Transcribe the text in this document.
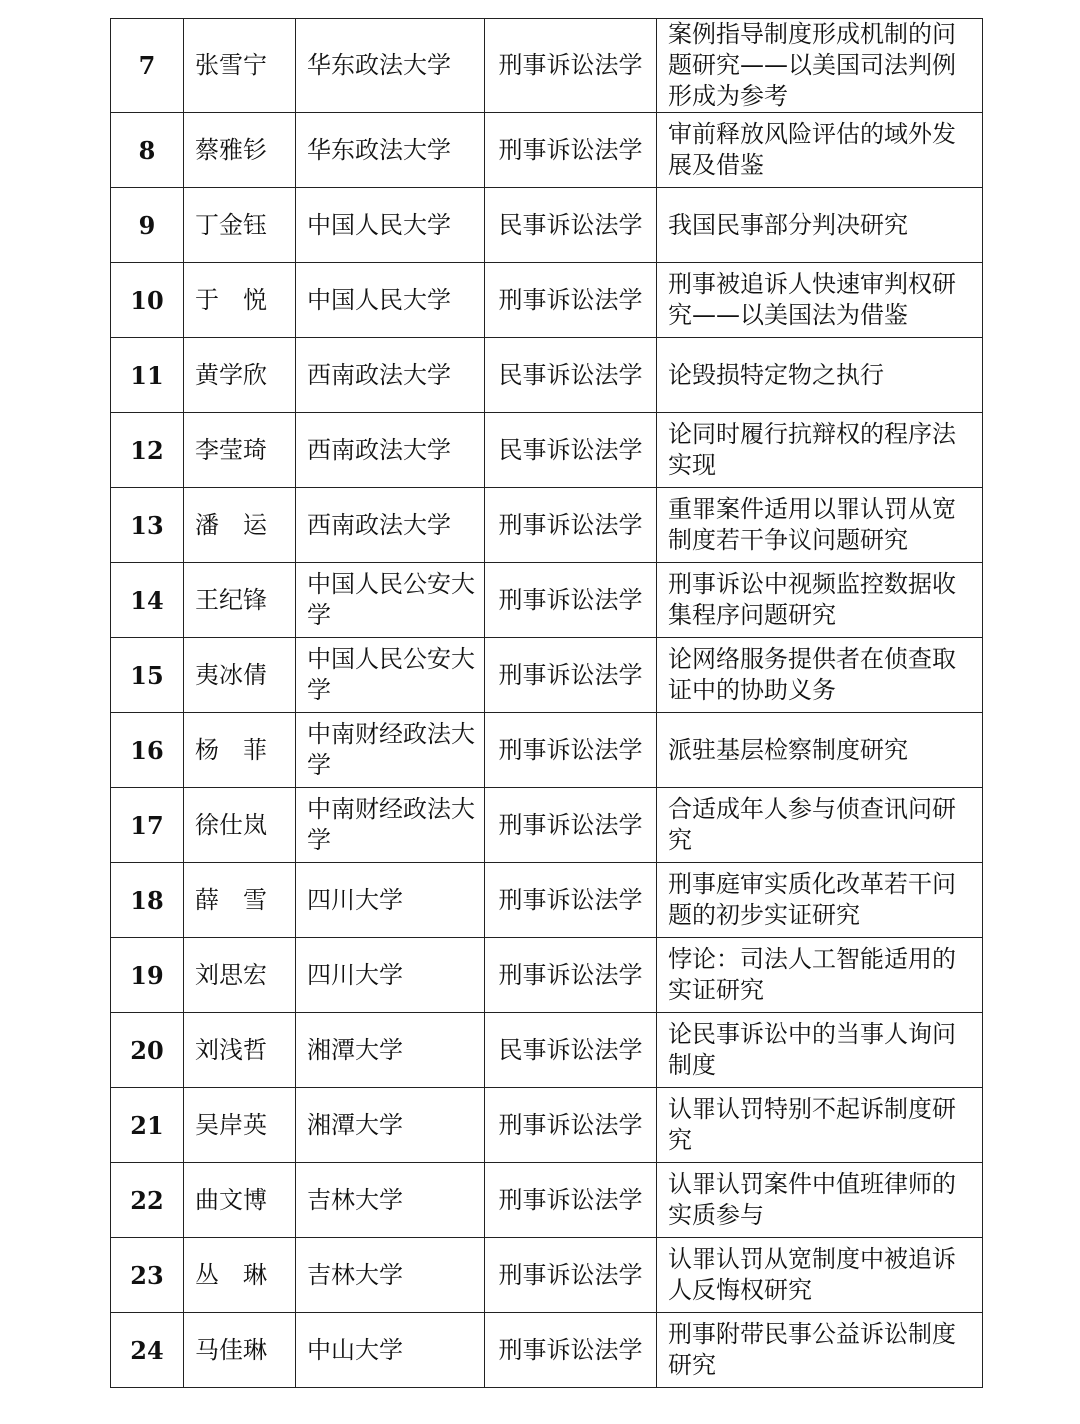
7	张雪宁	华东政法大学	刑事诉讼法学	案例指导制度形成机制的问题研究——以美国司法判例形成为参考
8	蔡雅钐	华东政法大学	刑事诉讼法学	审前释放风险评估的域外发展及借鉴
9	丁金钰	中国人民大学	民事诉讼法学	我国民事部分判决研究
10	于　悦	中国人民大学	刑事诉讼法学	刑事被追诉人快速审判权研究——以美国法为借鉴
11	黄学欣	西南政法大学	民事诉讼法学	论毁损特定物之执行
12	李莹琦	西南政法大学	民事诉讼法学	论同时履行抗辩权的程序法实现
13	潘　运	西南政法大学	刑事诉讼法学	重罪案件适用以罪认罚从宽制度若干争议问题研究
14	王纪锋	中国人民公安大学	刑事诉讼法学	刑事诉讼中视频监控数据收集程序问题研究
15	夷冰倩	中国人民公安大学	刑事诉讼法学	论网络服务提供者在侦查取证中的协助义务
16	杨　菲	中南财经政法大学	刑事诉讼法学	派驻基层检察制度研究
17	徐仕岚	中南财经政法大学	刑事诉讼法学	合适成年人参与侦查讯问研究
18	薛　雪	四川大学	刑事诉讼法学	刑事庭审实质化改革若干问题的初步实证研究
19	刘思宏	四川大学	刑事诉讼法学	悖论：司法人工智能适用的实证研究
20	刘浅哲	湘潭大学	民事诉讼法学	论民事诉讼中的当事人询问制度
21	吴岸英	湘潭大学	刑事诉讼法学	认罪认罚特别不起诉制度研究
22	曲文博	吉林大学	刑事诉讼法学	认罪认罚案件中值班律师的实质参与
23	丛　琳	吉林大学	刑事诉讼法学	认罪认罚从宽制度中被追诉人反悔权研究
24	马佳琳	中山大学	刑事诉讼法学	刑事附带民事公益诉讼制度研究
